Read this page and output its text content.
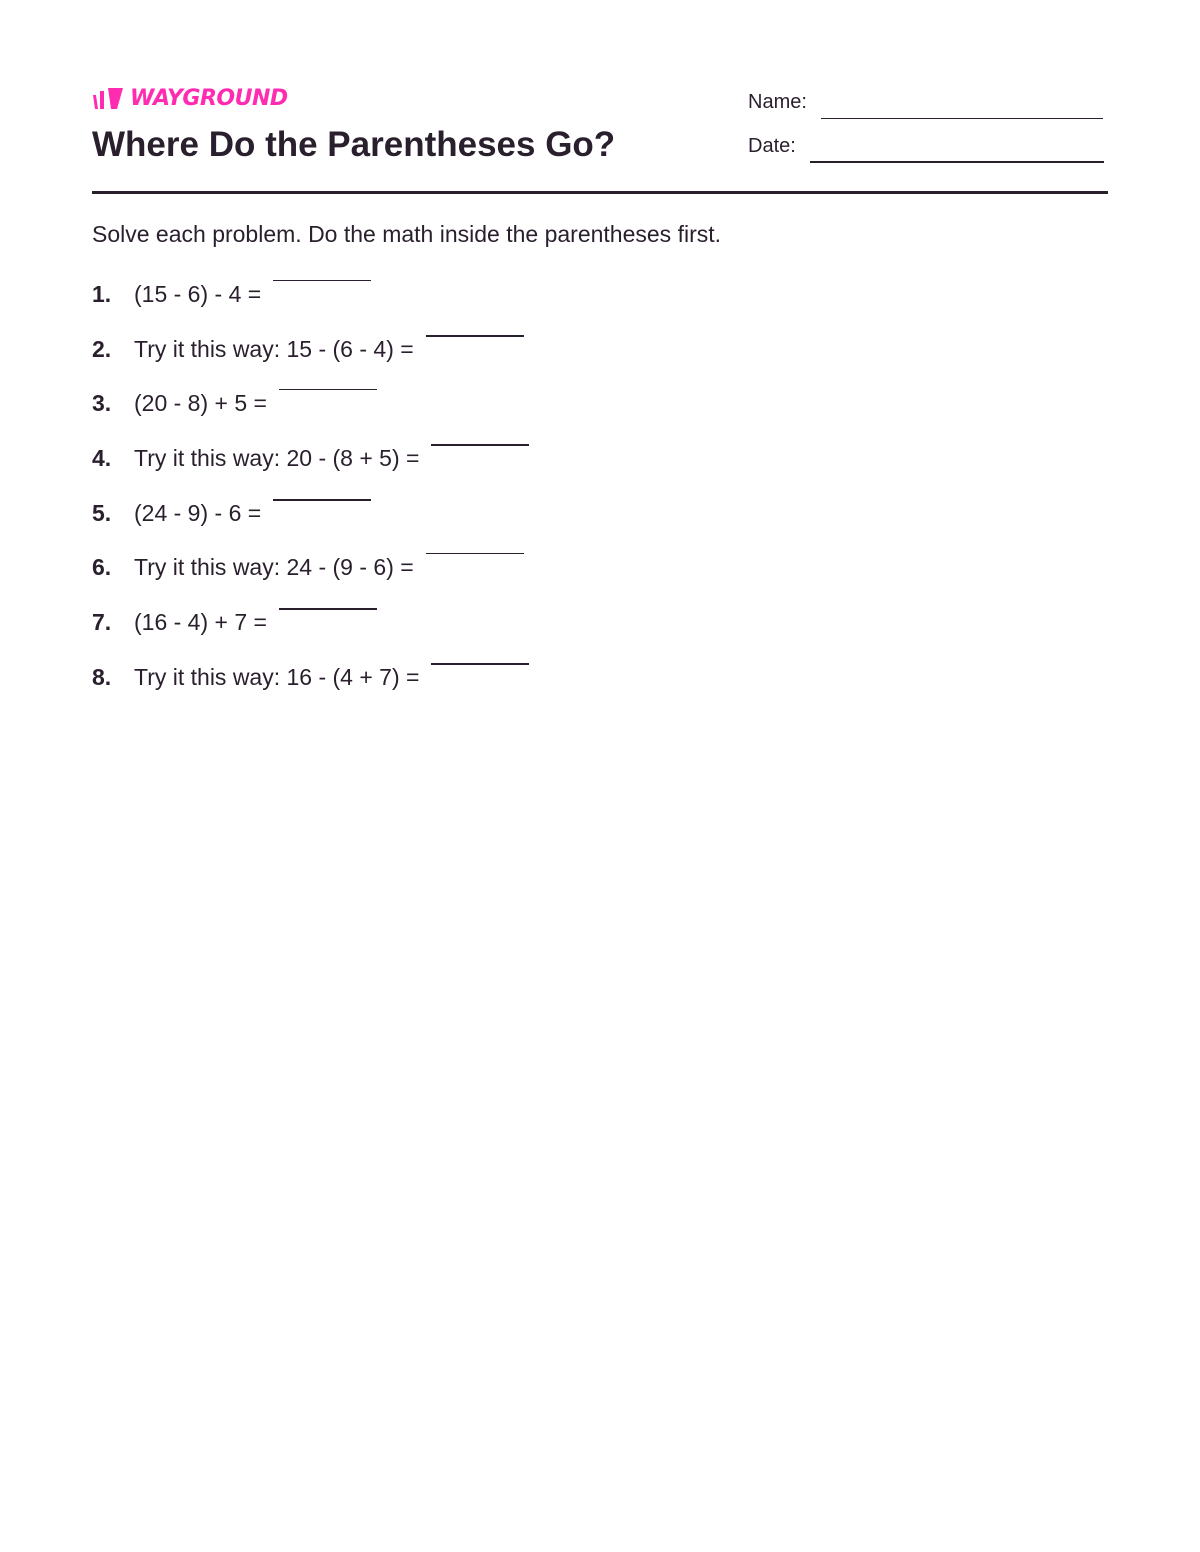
WAYGROUND
Where Do the Parentheses Go?
Name:
Date:
Solve each problem. Do the math inside the parentheses first.
1. (15 - 6) - 4 =
2. Try it this way: 15 - (6 - 4) =
3. (20 - 8) + 5 =
4. Try it this way: 20 - (8 + 5) =
5. (24 - 9) - 6 =
6. Try it this way: 24 - (9 - 6) =
7. (16 - 4) + 7 =
8. Try it this way: 16 - (4 + 7) =
